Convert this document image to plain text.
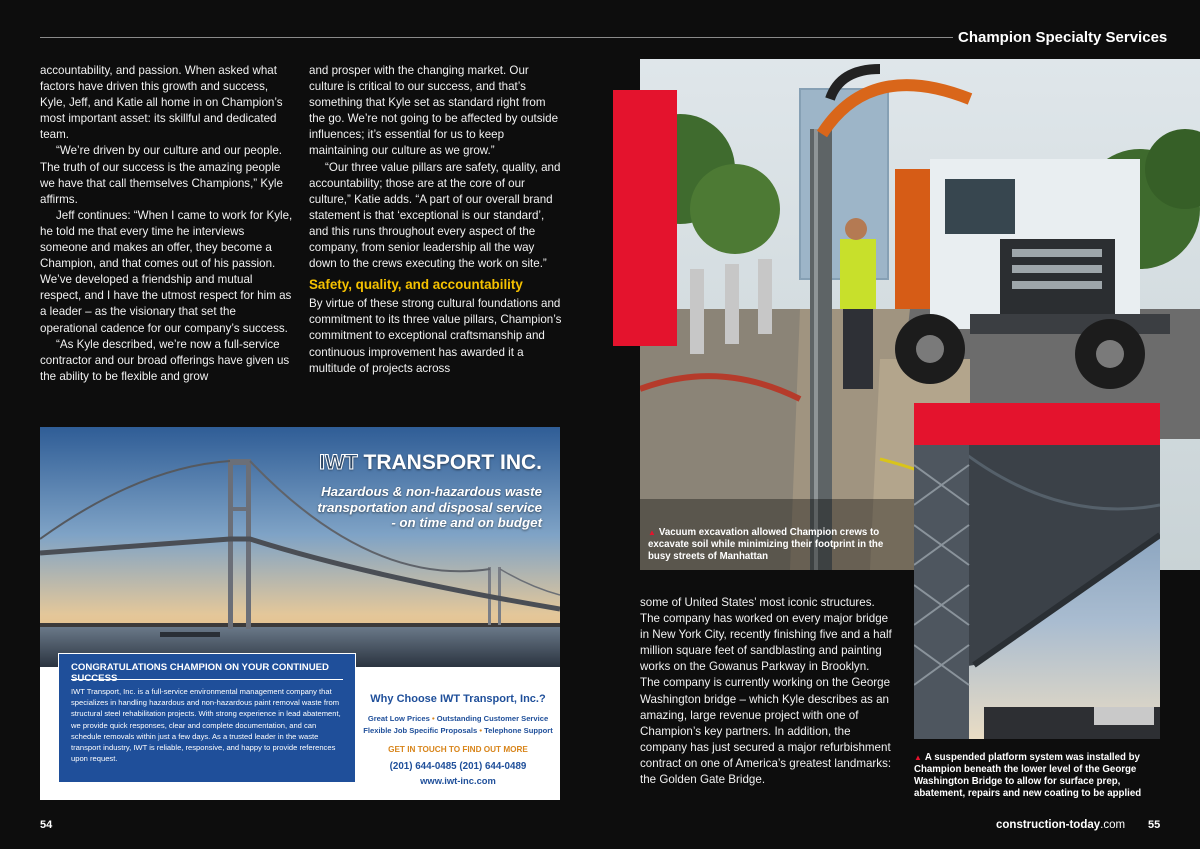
Champion Specialty Services

accountability, and passion. When asked what factors have driven this growth and success, Kyle, Jeff, and Katie all home in on Champion’s most important asset: its skillful and dedicated team.

“We’re driven by our culture and our people. The truth of our success is the amazing people we have that call themselves Champions,” Kyle affirms.

Jeff continues: “When I came to work for Kyle, he told me that every time he interviews someone and makes an offer, they become a Champion, and that comes out of his passion. We’ve developed a friendship and mutual respect, and I have the utmost respect for him as a leader – as the visionary that set the operational cadence for our company’s success.

“As Kyle described, we’re now a full-service contractor and our broad offerings have given us the ability to be flexible and grow

and prosper with the changing market. Our culture is critical to our success, and that’s something that Kyle set as standard right from the go. We’re not going to be affected by outside influences; it’s essential for us to keep maintaining our culture as we grow.”

“Our three value pillars are safety, quality, and accountability; those are at the core of our culture,” Katie adds. “A part of our overall brand statement is that ‘exceptional is our standard’, and this runs throughout every aspect of the company, from senior leadership all the way down to the crews executing the work on site.”

Safety, quality, and accountability

By virtue of these strong cultural foundations and commitment to its three value pillars, Champion’s commitment to exceptional craftsmanship and continuous improvement has awarded it a multitude of projects across

IWT TRANSPORT INC.
Hazardous & non-hazardous waste transportation and disposal service - on time and on budget
CONGRATULATIONS CHAMPION ON YOUR CONTINUED
IWT Transport, Inc. is a full-service environmental management company that specializes in handling hazardous and non-hazardous paint removal waste from structural steel rehabilitation projects. With strong experience in lead abatement, we provide quick responses, clear and complete documentation, and can schedule removals within just a few days. As a trusted leader in the waste transport industry, IWT is reliable, responsive, and happy to provide references upon request.
Why Choose IWT Transport, Inc.?
Great Low Prices • Outstanding Customer Service
Flexible Job Specific Proposals • Telephone Support
GET IN TOUCH TO FIND OUT MORE
(201) 644-0485 (201) 644-0489
www.iwt-inc.com
▲ Vacuum excavation allowed Champion crews to excavate soil while minimizing their footprint in the busy streets of Manhattan
▲ A suspended platform system was installed by Champion beneath the lower level of the George Washington Bridge to allow for surface prep, abatement, repairs and new coating to be applied

some of United States’ most iconic structures. The company has worked on every major bridge in New York City, recently finishing five and a half million square feet of sandblasting and painting works on the Gowanus Parkway in Brooklyn. The company is currently working on the George Washington bridge – which Kyle describes as an amazing, large revenue project with one of Champion’s key partners. In addition, the company has just secured a major refurbishment contract on one of America’s greatest landmarks: the Golden Gate Bridge.

54	construction-today.com 55
